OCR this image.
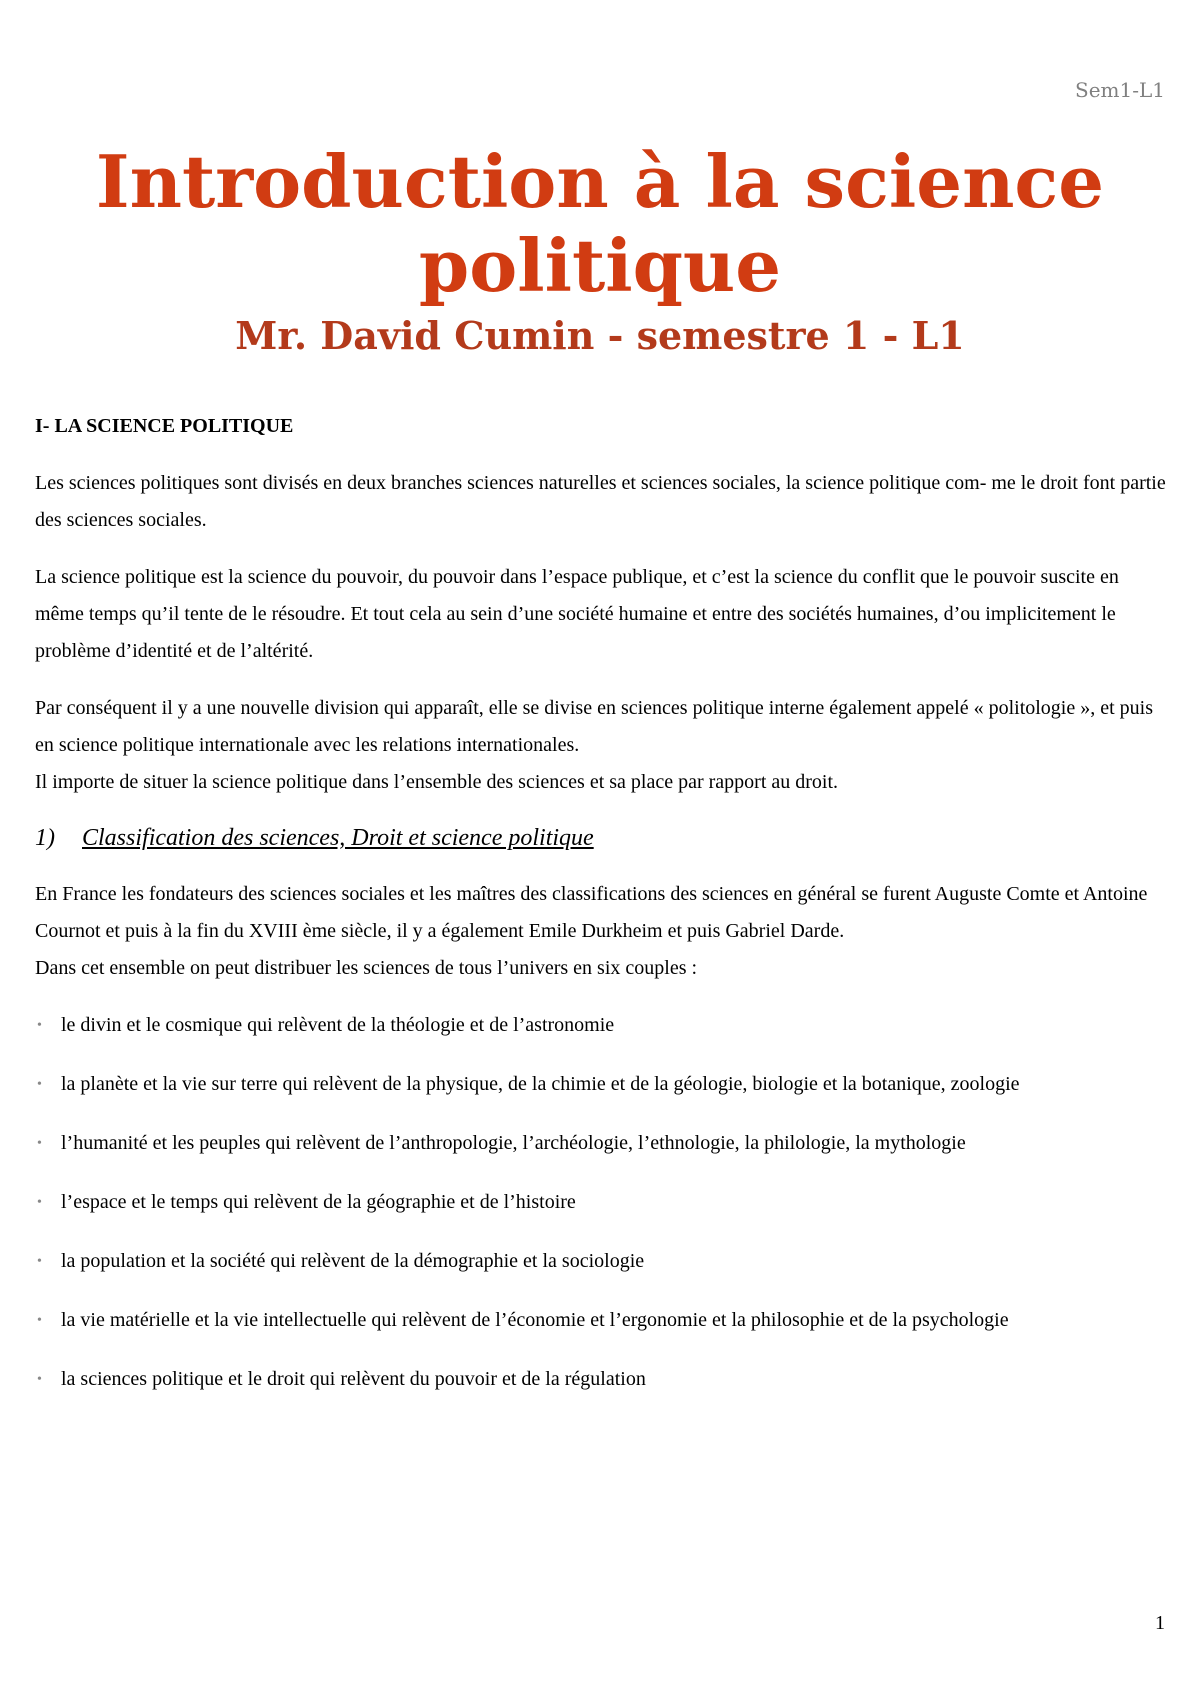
Sem1-L1
Introduction à la science politique
Mr. David Cumin - semestre 1 - L1
I- LA SCIENCE POLITIQUE

Les sciences politiques sont divisés en deux branches sciences naturelles et sciences sociales, la science politique com- me le droit font partie des sciences sociales.

La science politique est la science du pouvoir, du pouvoir dans l’espace publique, et c’est la science du conflit que le pouvoir suscite en même temps qu’il tente de le résoudre. Et tout cela au sein d’une société humaine et entre des sociétés humaines, d’ou implicitement le problème d’identité et de l’altérité.

Par conséquent il y a une nouvelle division qui apparaît, elle se divise en sciences politique interne également appelé « politologie », et puis en science politique internationale avec les relations internationales.
Il importe de situer la science politique dans l’ensemble des sciences et sa place par rapport au droit.

1)	Classification des sciences, Droit et science politique

En France les fondateurs des sciences sociales et les maîtres des classifications des sciences en général se furent Auguste Comte et Antoine Cournot et puis à la fin du XVIII ème siècle, il y a également Emile Durkheim et puis Gabriel Darde.
Dans cet ensemble on peut distribuer les sciences de tous l’univers en six couples :

• le divin et le cosmique qui relèvent de la théologie et de l’astronomie
• la planète et la vie sur terre qui relèvent de la physique, de la chimie et de la géologie, biologie et la botanique, zoologie
• l’humanité et les peuples qui relèvent de l’anthropologie, l’archéologie, l’ethnologie, la philologie, la mythologie
• l’espace et le temps qui relèvent de la géographie et de l’histoire
• la population et la société qui relèvent de la démographie et la sociologie
• la vie matérielle et la vie intellectuelle qui relèvent de l’économie et l’ergonomie et la philosophie et de la psychologie
• la sciences politique et le droit qui relèvent du pouvoir et de la régulation
1
